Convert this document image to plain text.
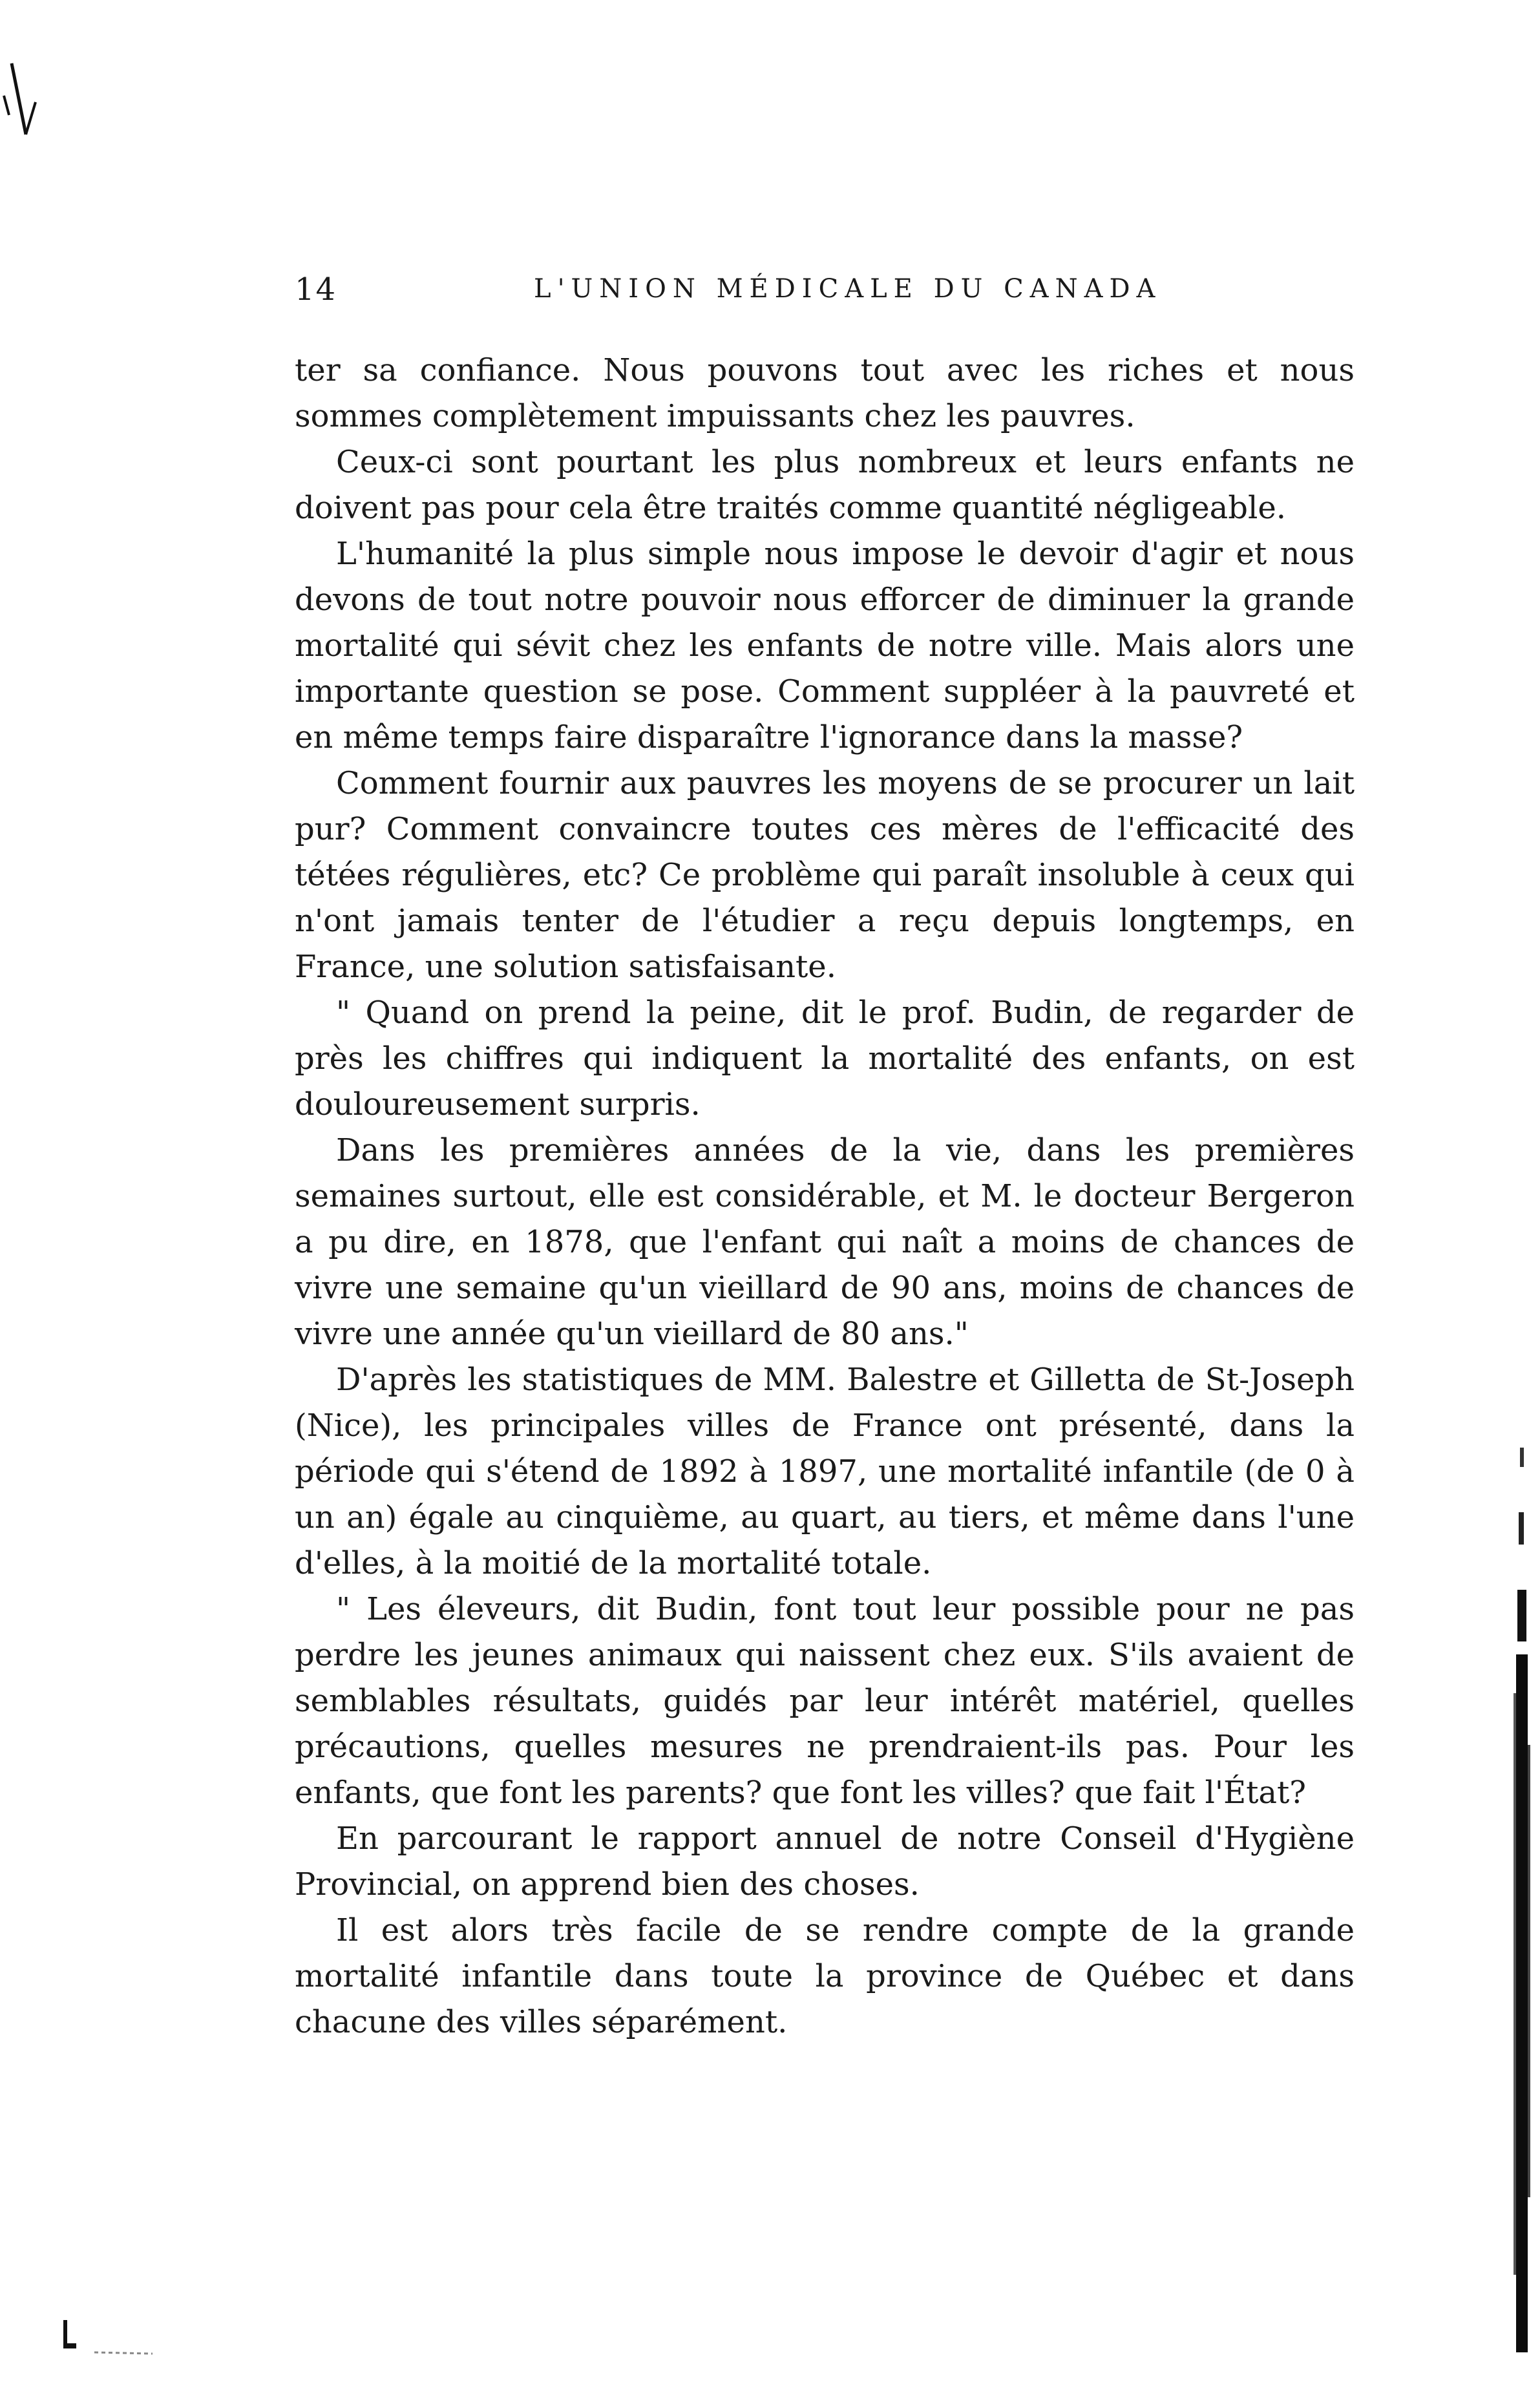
14	L'UNION MÉDICALE DU CANADA

ter sa confiance. Nous pouvons tout avec les riches et nous sommes complètement impuissants chez les pauvres.

Ceux-ci sont pourtant les plus nombreux et leurs enfants ne doivent pas pour cela être traités comme quantité négligeable.

L'humanité la plus simple nous impose le devoir d'agir et nous devons de tout notre pouvoir nous efforcer de diminuer la grande mortalité qui sévit chez les enfants de notre ville. Mais alors une importante question se pose. Comment suppléer à la pauvreté et en même temps faire disparaître l'ignorance dans la masse?

Comment fournir aux pauvres les moyens de se procurer un lait pur? Comment convaincre toutes ces mères de l'efficacité des tétées régulières, etc? Ce problème qui paraît insoluble à ceux qui n'ont jamais tenter de l'étudier a reçu depuis longtemps, en France, une solution satisfaisante.

" Quand on prend la peine, dit le prof. Budin, de regarder de près les chiffres qui indiquent la mortalité des enfants, on est douloureusement surpris.

Dans les premières années de la vie, dans les premières semaines surtout, elle est considérable, et M. le docteur Bergeron a pu dire, en 1878, que l'enfant qui naît a moins de chances de vivre une semaine qu'un vieillard de 90 ans, moins de chances de vivre une année qu'un vieillard de 80 ans."

D'après les statistiques de MM. Balestre et Gilletta de St-Joseph (Nice), les principales villes de France ont présenté, dans la période qui s'étend de 1892 à 1897, une mortalité infantile (de 0 à un an) égale au cinquième, au quart, au tiers, et même dans l'une d'elles, à la moitié de la mortalité totale.

" Les éleveurs, dit Budin, font tout leur possible pour ne pas perdre les jeunes animaux qui naissent chez eux. S'ils avaient de semblables résultats, guidés par leur intérêt matériel, quelles précautions, quelles mesures ne prendraient-ils pas. Pour les enfants, que font les parents? que font les villes? que fait l'État?

En parcourant le rapport annuel de notre Conseil d'Hygiène Provincial, on apprend bien des choses.

Il est alors très facile de se rendre compte de la grande mortalité infantile dans toute la province de Québec et dans chacune des villes séparément.
